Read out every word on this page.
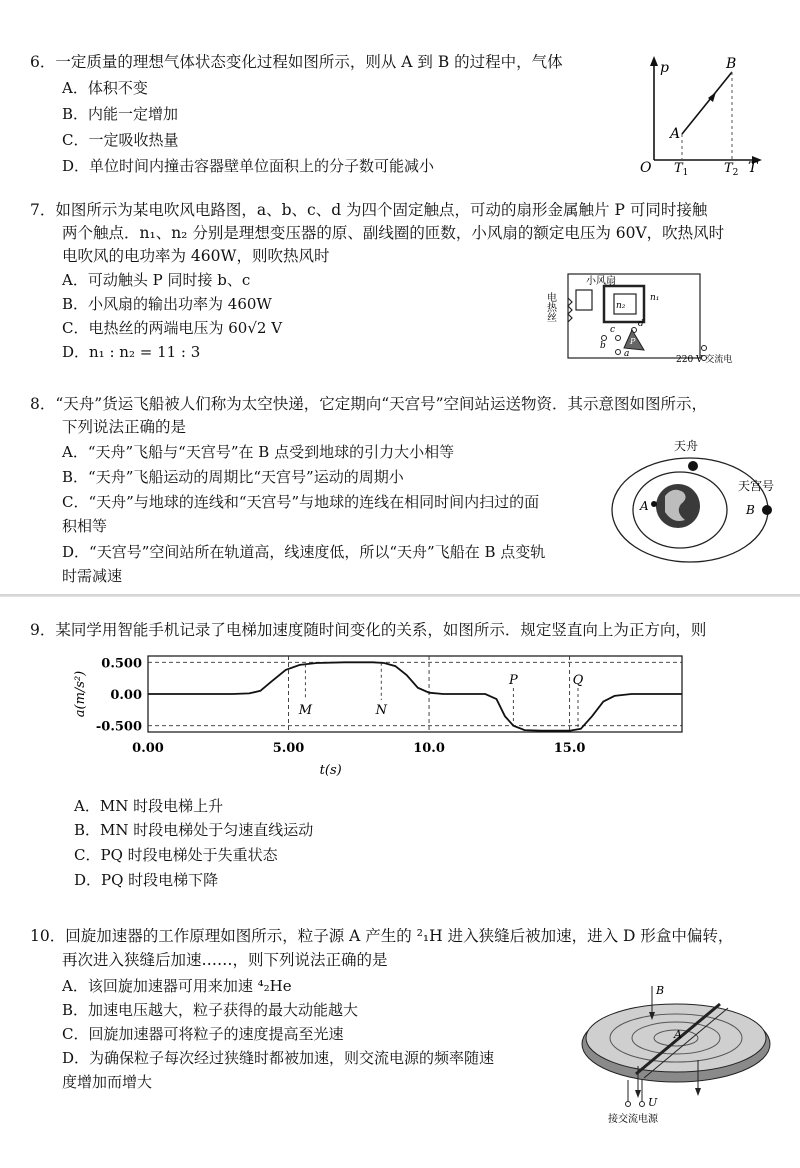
6．一定质量的理想气体状态变化过程如图所示，则从 A 到 B 的过程中，气体
A．体积不变
B．内能一定增加
C．一定吸收热量
D．单位时间内撞击容器壁单位面积上的分子数可能减小
p
T
O
A
B
$T_1$	$T_2$
7．如图所示为某电吹风电路图，a、b、c、d 为四个固定触点，可动的扇形金属触片 P 可同时接触
两个触点．n₁、n₂ 分别是理想变压器的原、副线圈的匝数，小风扇的额定电压为 60V，吹热风时
电吹风的电功率为 460W，则吹热风时
A．可动触头 P 同时接 b、c
B．小风扇的输出功率为 460W
C．电热丝的两端电压为 60√2 V
D．n₁ : n₂ = 11 : 3
电热丝
小风扇
n₂
n₁
b
c
a
d
P
220 V 交流电
8．“天舟”货运飞船被人们称为太空快递，它定期向“天宫号”空间站运送物资．其示意图如图所示，
下列说法正确的是
A．“天舟”飞船与“天宫号”在 B 点受到地球的引力大小相等
B．“天舟”飞船运动的周期比“天宫号”运动的周期小
C．“天舟”与地球的连线和“天宫号”与地球的连线在相同时间内扫过的面
积相等
D．“天宫号”空间站所在轨道高，线速度低，所以“天舟”飞船在 B 点变轨
时需减速
天舟
天宫号
A	B
9．某同学用智能手机记录了电梯加速度随时间变化的关系，如图所示．规定竖直向上为正方向，则
0.500
0.00
-0.500
0.00	5.00	10.0	15.0
t(s)
a(m/s²)	M	N
P	Q
A．MN 时段电梯上升
B．MN 时段电梯处于匀速直线运动
C．PQ 时段电梯处于失重状态
D．PQ 时段电梯下降
10．回旋加速器的工作原理如图所示，粒子源 A 产生的 ²₁H 进入狭缝后被加速，进入 D 形盒中偏转，
再次进入狭缝后加速……，则下列说法正确的是
A．该回旋加速器可用来加速 ⁴₂He
B．加速电压越大，粒子获得的最大动能越大
C．回旋加速器可将粒子的速度提高至光速
D．为确保粒子每次经过狭缝时都被加速，则交流电源的频率随速
度增加而增大
B
A
U
接交流电源
